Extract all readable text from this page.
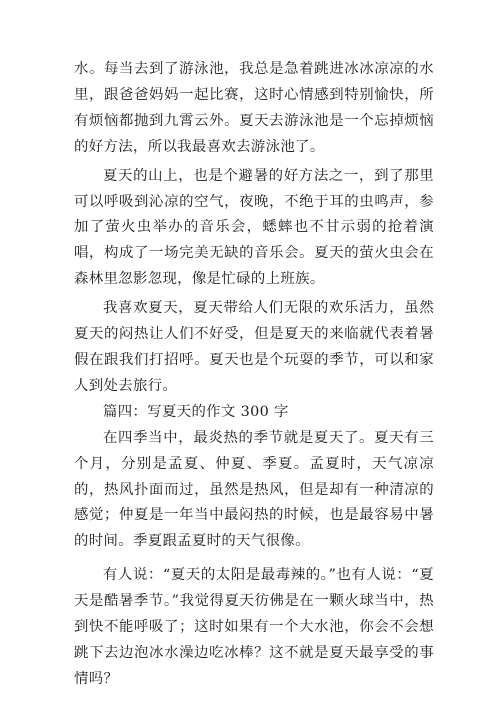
水。每当去到了游泳池，我总是急着跳进冰冰凉凉的水里，跟爸爸妈妈一起比赛，这时心情感到特别愉快，所有烦恼都抛到九霄云外。夏天去游泳池是一个忘掉烦恼的好方法，所以我最喜欢去游泳池了。

夏天的山上，也是个避暑的好方法之一，到了那里可以呼吸到沁凉的空气，夜晚，不绝于耳的虫鸣声，参加了萤火虫举办的音乐会，蟋蟀也不甘示弱的抢着演唱，构成了一场完美无缺的音乐会。夏天的萤火虫会在森林里忽影忽现，像是忙碌的上班族。

我喜欢夏天，夏天带给人们无限的欢乐活力，虽然夏天的闷热让人们不好受，但是夏天的来临就代表着暑假在跟我们打招呼。夏天也是个玩耍的季节，可以和家人到处去旅行。

篇四：写夏天的作文 300 字

在四季当中，最炎热的季节就是夏天了。夏天有三个月，分别是孟夏、仲夏、季夏。孟夏时，天气凉凉的，热风扑面而过，虽然是热风，但是却有一种清凉的感觉；仲夏是一年当中最闷热的时候，也是最容易中暑的时间。季夏跟孟夏时的天气很像。

有人说：“夏天的太阳是最毒辣的。”也有人说：“夏天是酷暑季节。”我觉得夏天彷佛是在一颗火球当中，热到快不能呼吸了；这时如果有一个大水池，你会不会想跳下去边泡冰水澡边吃冰棒？这不就是夏天最享受的事情吗？
